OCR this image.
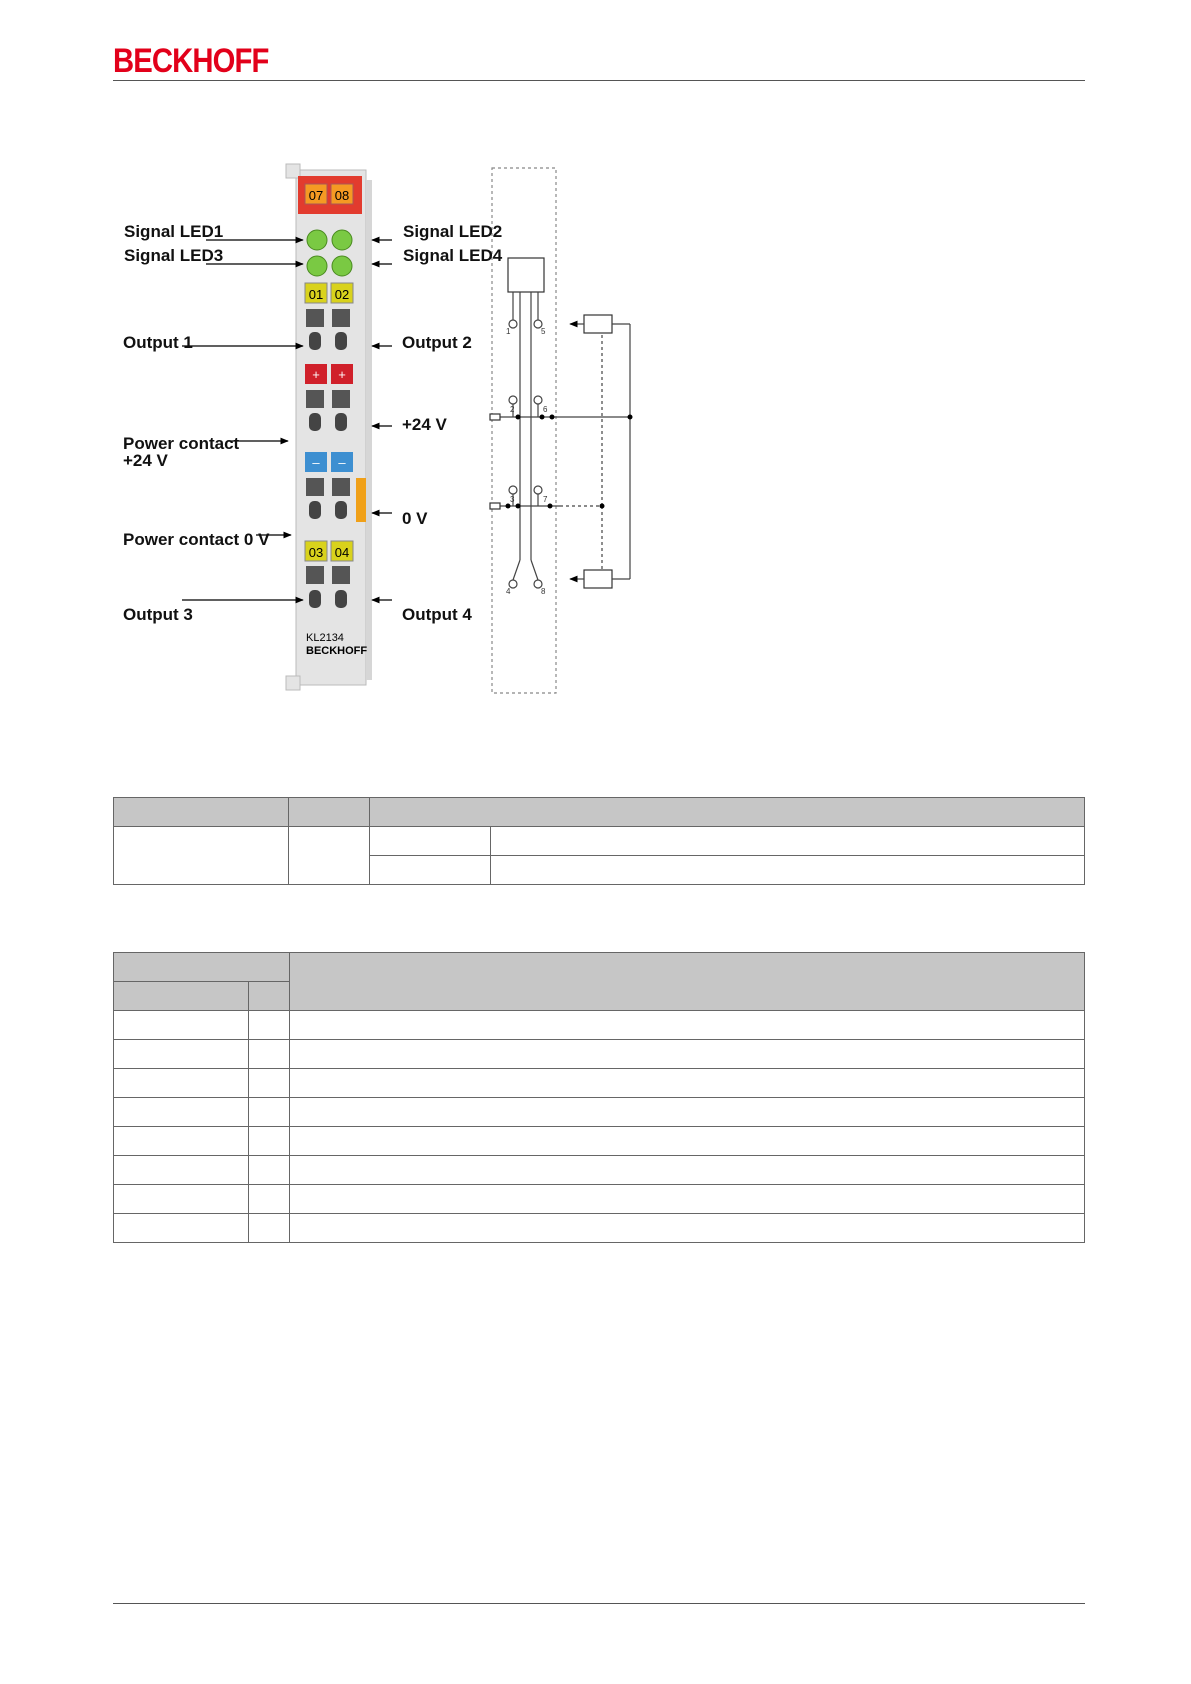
BECKHOFF
07 08
01 02
+ +
– –
03 04
KL2134
BECKHOFF
1
2
3
4
5
6
7
8
Signal LED1
Signal LED3
Signal LED2
Signal LED4
Output 1	Output 2
+24 V
Power contact
+24 V
0 V
Power contact 0 V
Output 3	Output 4
